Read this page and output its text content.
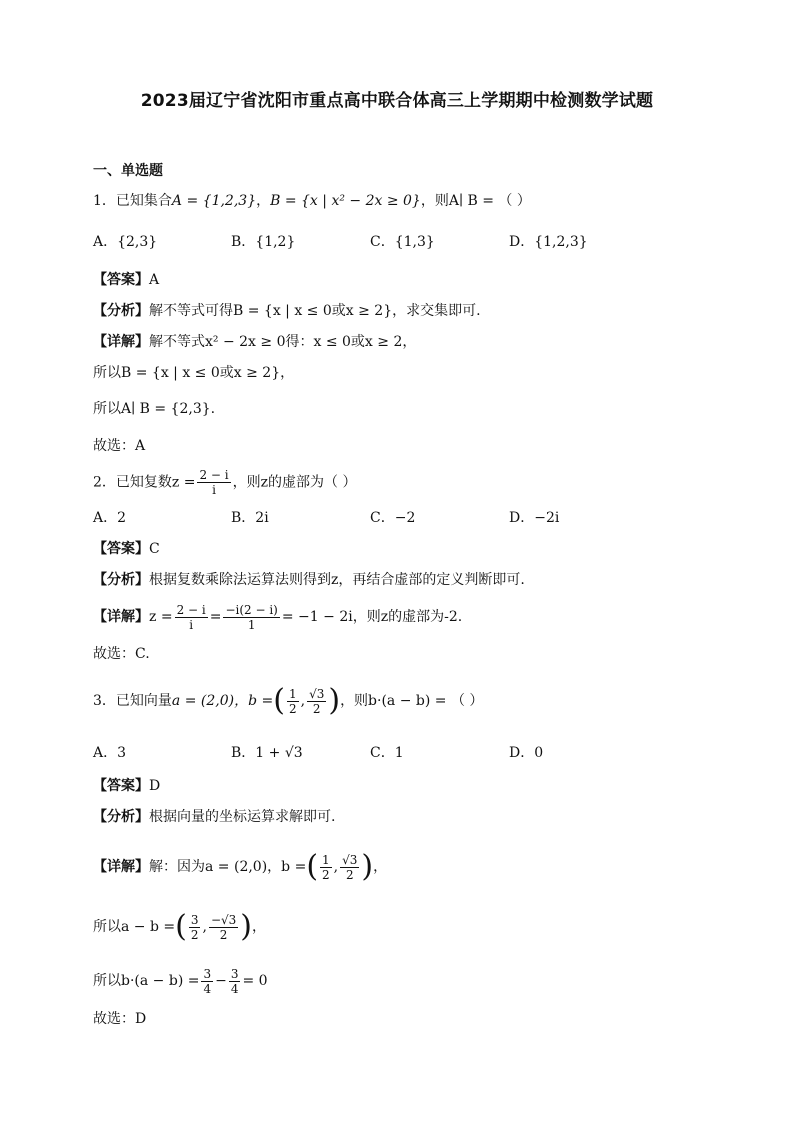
2023届辽宁省沈阳市重点高中联合体高三上学期期中检测数学试题
一、单选题
1．已知集合A = {1,2,3}，B = {x | x² − 2x ≥ 0}，则A∣ B = （ ）
A．{2,3}	B．{1,2}	C．{1,3}	D．{1,2,3}
【答案】A
【分析】解不等式可得B = {x | x ≤ 0或x ≥ 2}，求交集即可.
【详解】解不等式x² − 2x ≥ 0得：x ≤ 0或x ≥ 2，
所以B = {x | x ≤ 0或x ≥ 2}，
所以A∣ B = {2,3}.
故选：A
2．已知复数$z = \frac{2 - i}{i}$ ，则z的虚部为（ ）
A．2	B．2i	C．−2	D．−2i
【答案】C
【分析】根据复数乘除法运算法则得到z，再结合虚部的定义判断即可.
【详解】$z = \frac{2 - i}{i} = \frac{-i(2 - i)}{1} = -1 - 2i$，则z的虚部为-2.
故选：C.
3．已知向量a = (2,0)，b =( $\frac{1}{2}$ , $\frac{√3}{2}$ )，则b·(a − b) = （ ）
A．3	B．1 + √3	C．1	D．0
【答案】D
【分析】根据向量的坐标运算求解即可.
【详解】解：因为a = (2,0)，b =( $\frac{1}{2}$ , $\frac{√3}{2}$ )，
所以a − b =( $\frac{3}{2}$ , $\frac{-√3}{2}$ )，
所以$b\cdot(a - b) = \frac{3}{4} - \frac{3}{4} = 0$
故选：D
